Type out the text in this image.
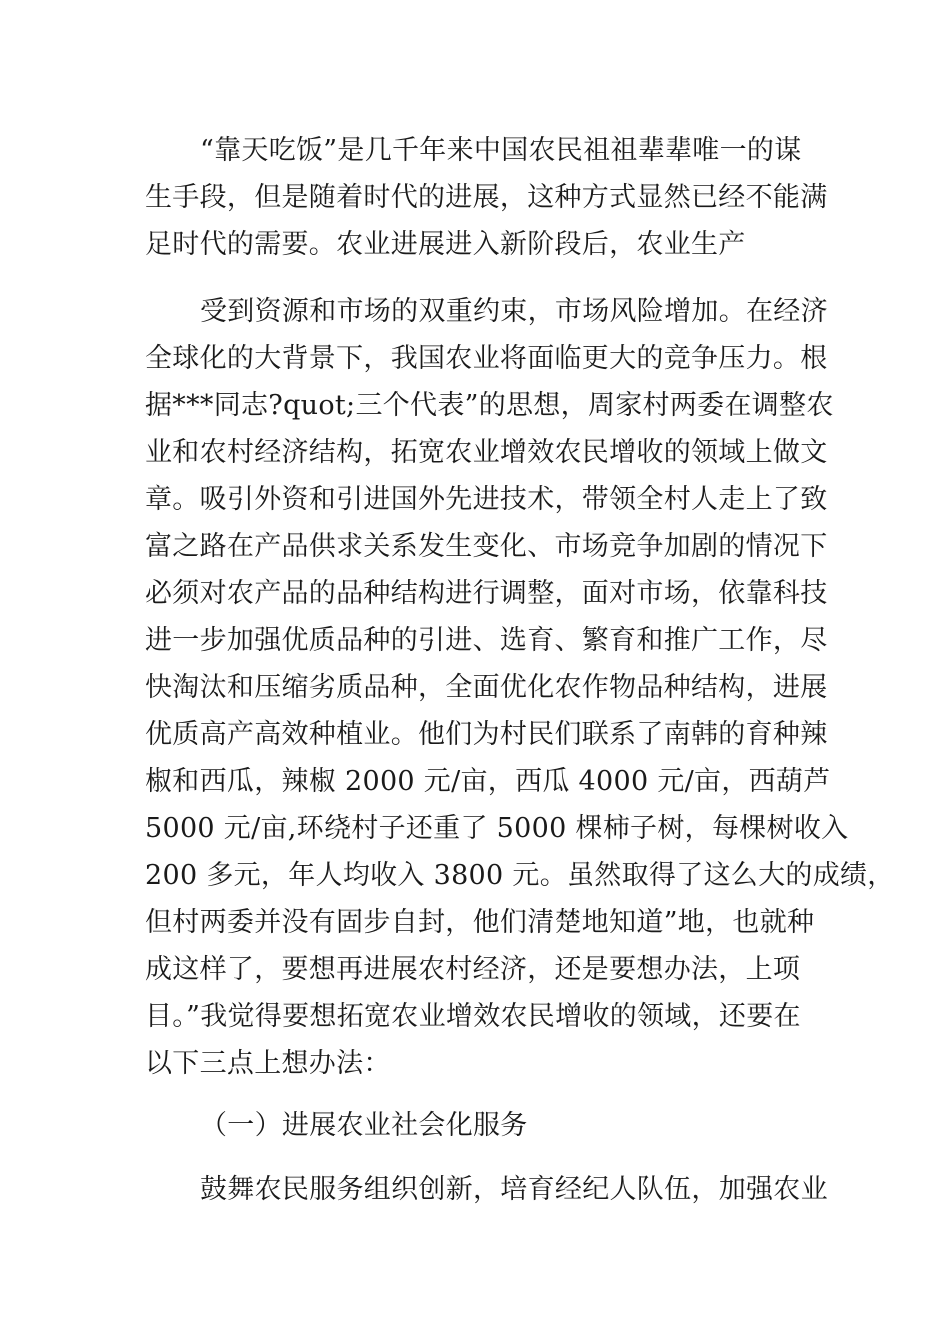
“靠天吃饭”是几千年来中国农民祖祖辈辈唯一的谋
生手段，但是随着时代的进展，这种方式显然已经不能满
足时代的需要。农业进展进入新阶段后，农业生产
受到资源和市场的双重约束，市场风险增加。在经济
全球化的大背景下，我国农业将面临更大的竞争压力。根
据***同志?quot;三个代表”的思想，周家村两委在调整农
业和农村经济结构，拓宽农业增效农民增收的领域上做文
章。吸引外资和引进国外先进技术，带领全村人走上了致
富之路在产品供求关系发生变化、市场竞争加剧的情况下
必须对农产品的品种结构进行调整，面对市场，依靠科技
进一步加强优质品种的引进、选育、繁育和推广工作，尽
快淘汰和压缩劣质品种，全面优化农作物品种结构，进展
优质高产高效种植业。他们为村民们联系了南韩的育种辣
椒和西瓜，辣椒 2000 元/亩，西瓜 4000 元/亩，西葫芦
5000 元/亩,环绕村子还重了 5000 棵柿子树，每棵树收入
200 多元，年人均收入 3800 元。虽然取得了这么大的成绩，
但村两委并没有固步自封，他们清楚地知道”地，也就种
成这样了，要想再进展农村经济，还是要想办法，上项
目。”我觉得要想拓宽农业增效农民增收的领域，还要在
以下三点上想办法：
（一）进展农业社会化服务
鼓舞农民服务组织创新，培育经纪人队伍，加强农业
